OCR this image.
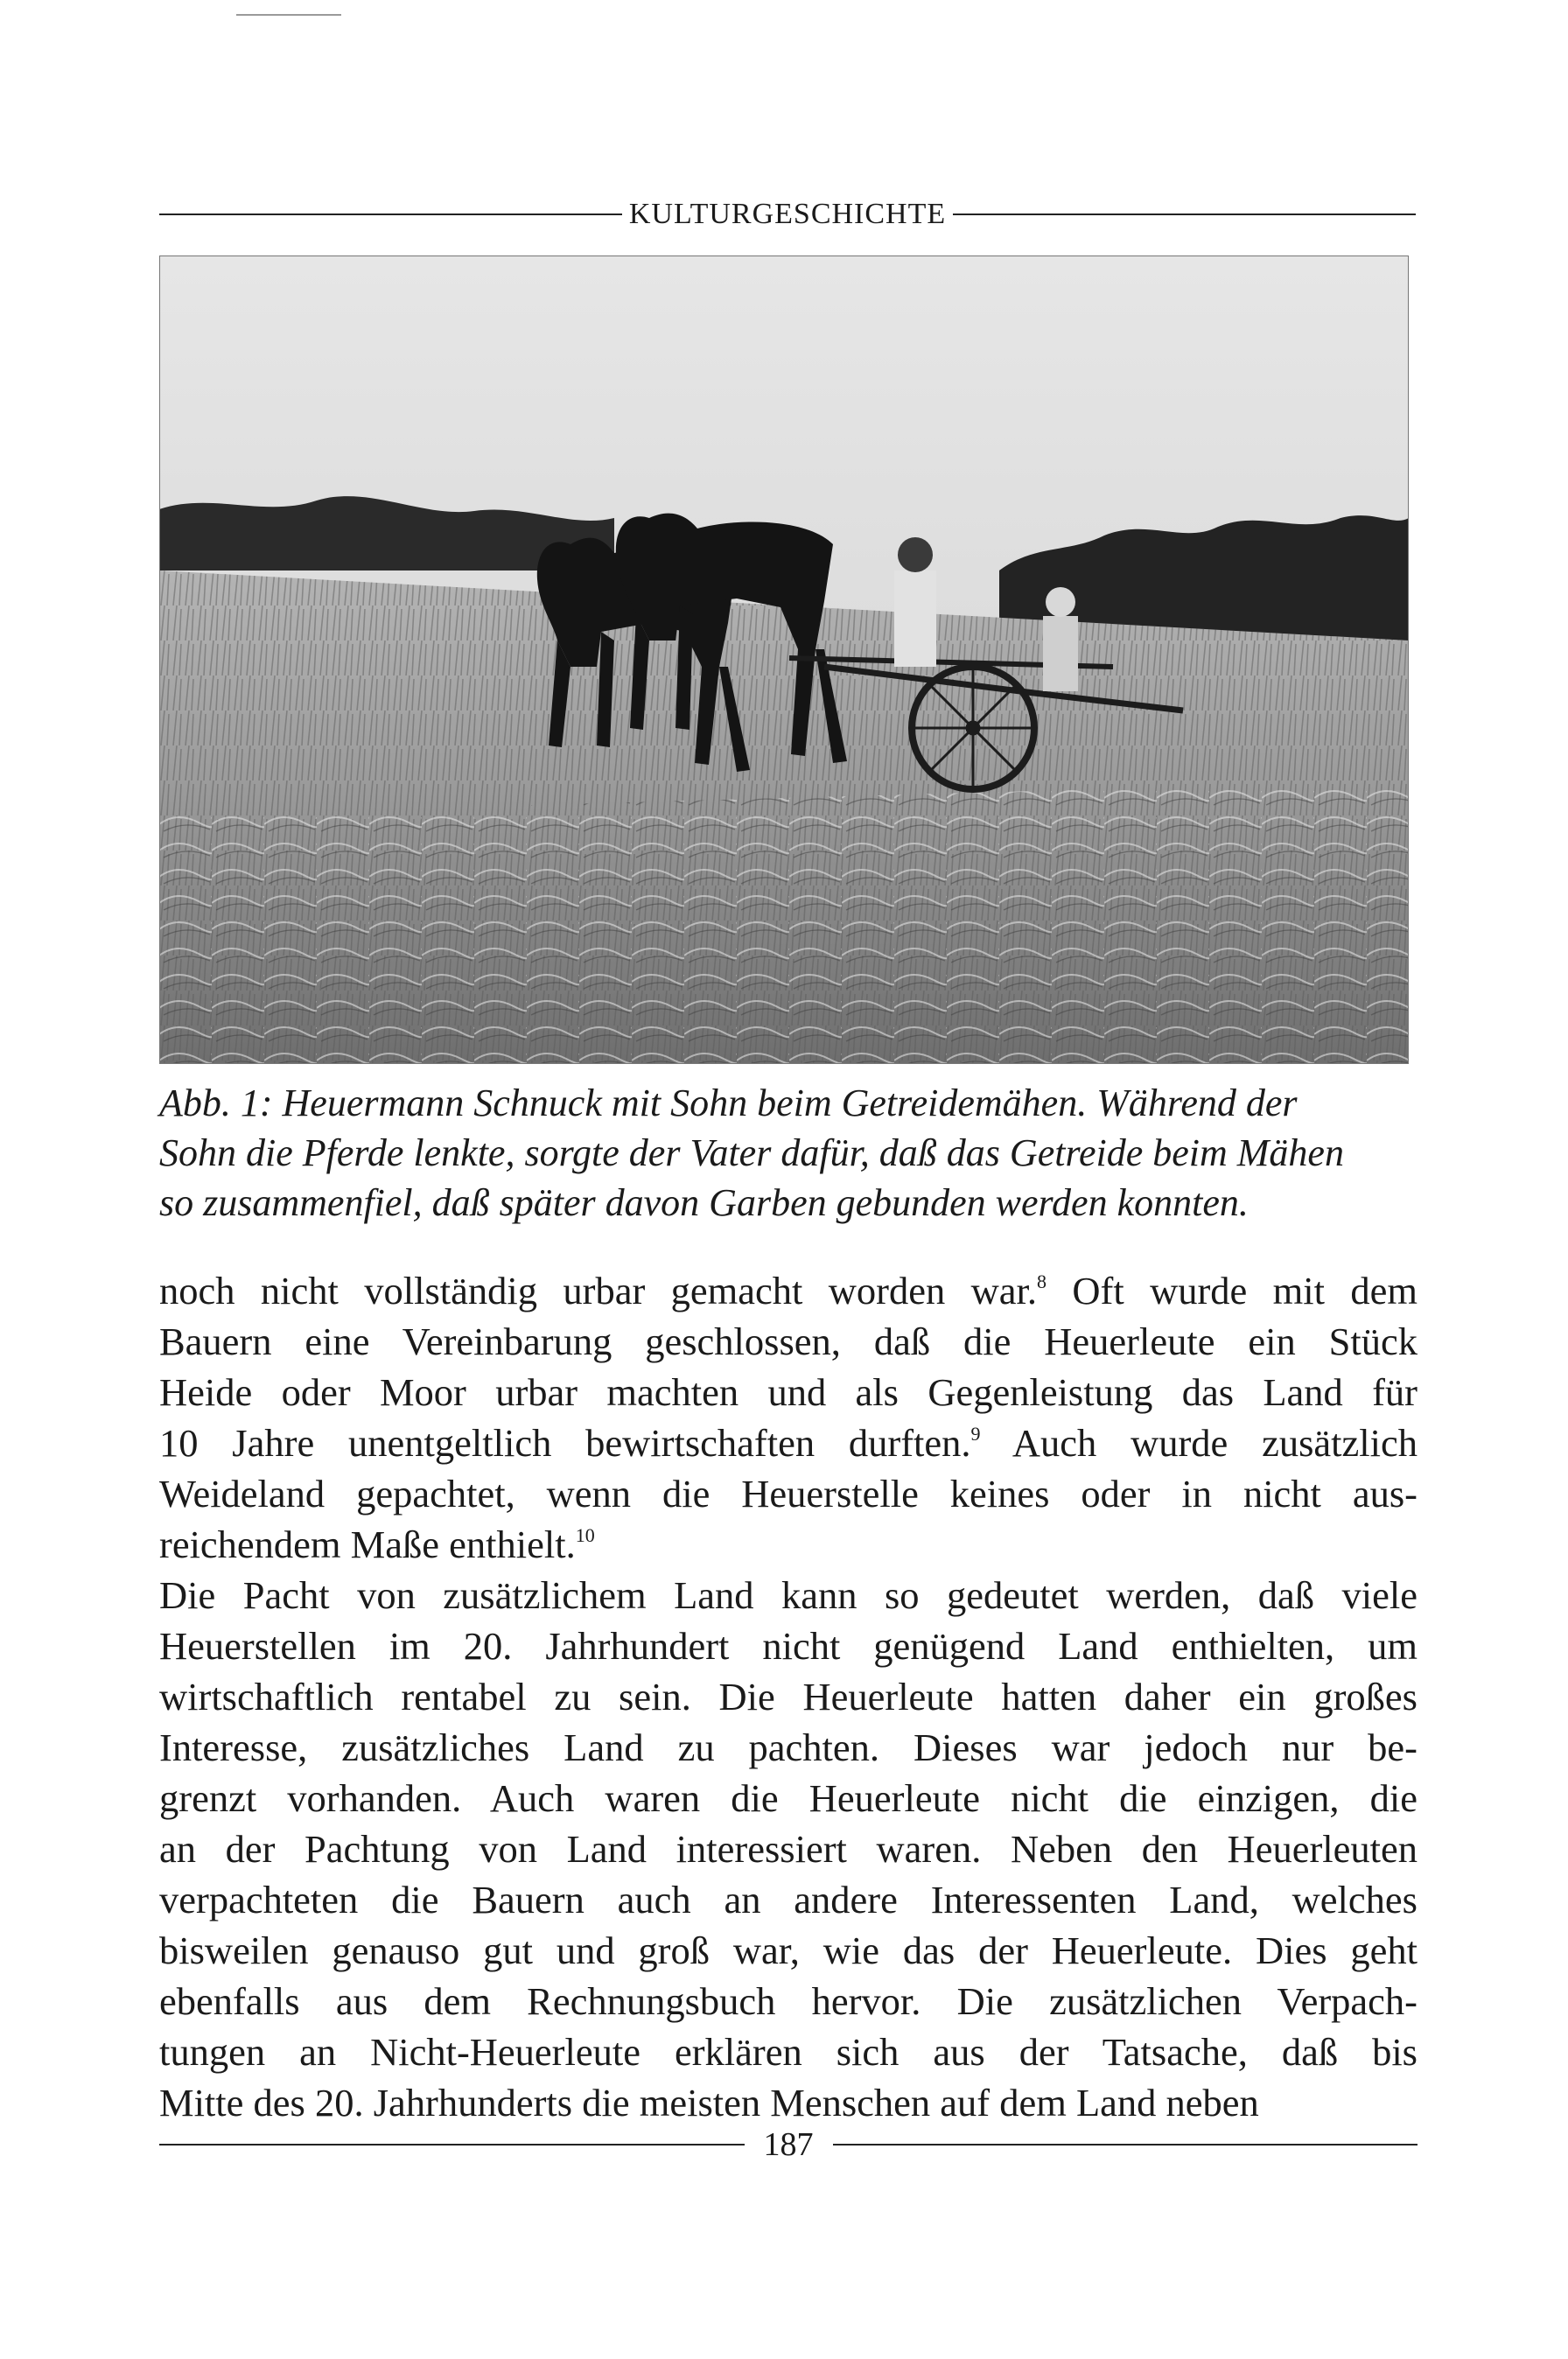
KULTURGESCHICHTE
Abb. 1: Heuermann Schnuck mit Sohn beim Getreidemähen. Während der
Sohn die Pferde lenkte, sorgte der Vater dafür, daß das Getreide beim Mähen
so zusammenfiel, daß später davon Garben gebunden werden konnten.
noch nicht vollständig urbar gemacht worden war.$^8$ Oft wurde mit dem
Bauern eine Vereinbarung geschlossen, daß die Heuerleute ein Stück
Heide oder Moor urbar machten und als Gegenleistung das Land für
10 Jahre unentgeltlich bewirtschaften durften.$^9$ Auch wurde zusätzlich
Weideland gepachtet, wenn die Heuerstelle keines oder in nicht aus-
reichendem Maße enthielt.$^{10}$
Die Pacht von zusätzlichem Land kann so gedeutet werden, daß viele
Heuerstellen im 20. Jahrhundert nicht genügend Land enthielten, um
wirtschaftlich rentabel zu sein. Die Heuerleute hatten daher ein großes
Interesse, zusätzliches Land zu pachten. Dieses war jedoch nur be-
grenzt vorhanden. Auch waren die Heuerleute nicht die einzigen, die
an der Pachtung von Land interessiert waren. Neben den Heuerleuten
verpachteten die Bauern auch an andere Interessenten Land, welches
bisweilen genauso gut und groß war, wie das der Heuerleute. Dies geht
ebenfalls aus dem Rechnungsbuch hervor. Die zusätzlichen Verpach-
tungen an Nicht-Heuerleute erklären sich aus der Tatsache, daß bis
Mitte des 20. Jahrhunderts die meisten Menschen auf dem Land neben
187
